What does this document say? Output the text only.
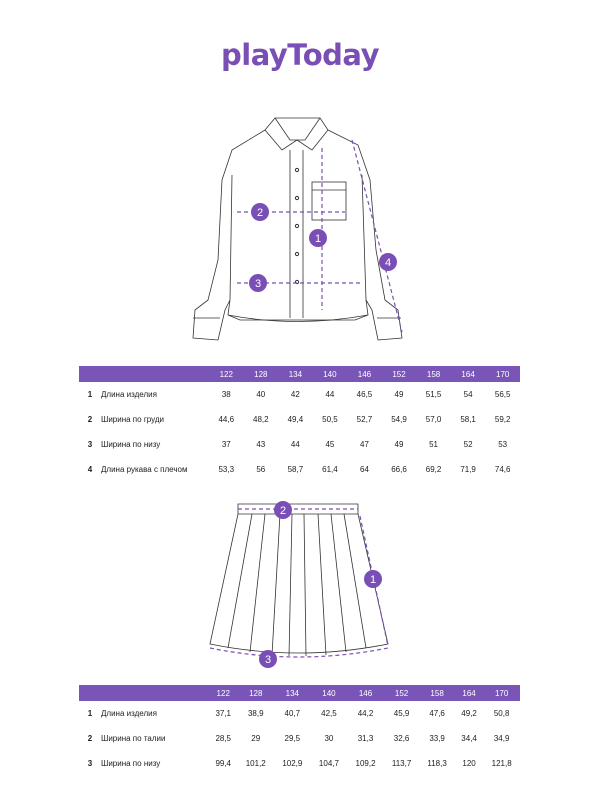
playToday
1
2
3
4
		122	128	134	140	146	152	158	164	170
1	Длина изделия	38	40	42	44	46,5	49	51,5	54	56,5
2	Ширина по груди	44,6	48,2	49,4	50,5	52,7	54,9	57,0	58,1	59,2
3	Ширина по низу	37	43	44	45	47	49	51	52	53
4	Длина рукава с плечом	53,3	56	58,7	61,4	64	66,6	69,2	71,9	74,6
1
2
3
		122	128	134	140	146	152	158	164	170
1	Длина изделия	37,1	38,9	40,7	42,5	44,2	45,9	47,6	49,2	50,8
2	Ширина по талии	28,5	29	29,5	30	31,3	32,6	33,9	34,4	34,9
3	Ширина по низу	99,4	101,2	102,9	104,7	109,2	113,7	118,3	120	121,8
